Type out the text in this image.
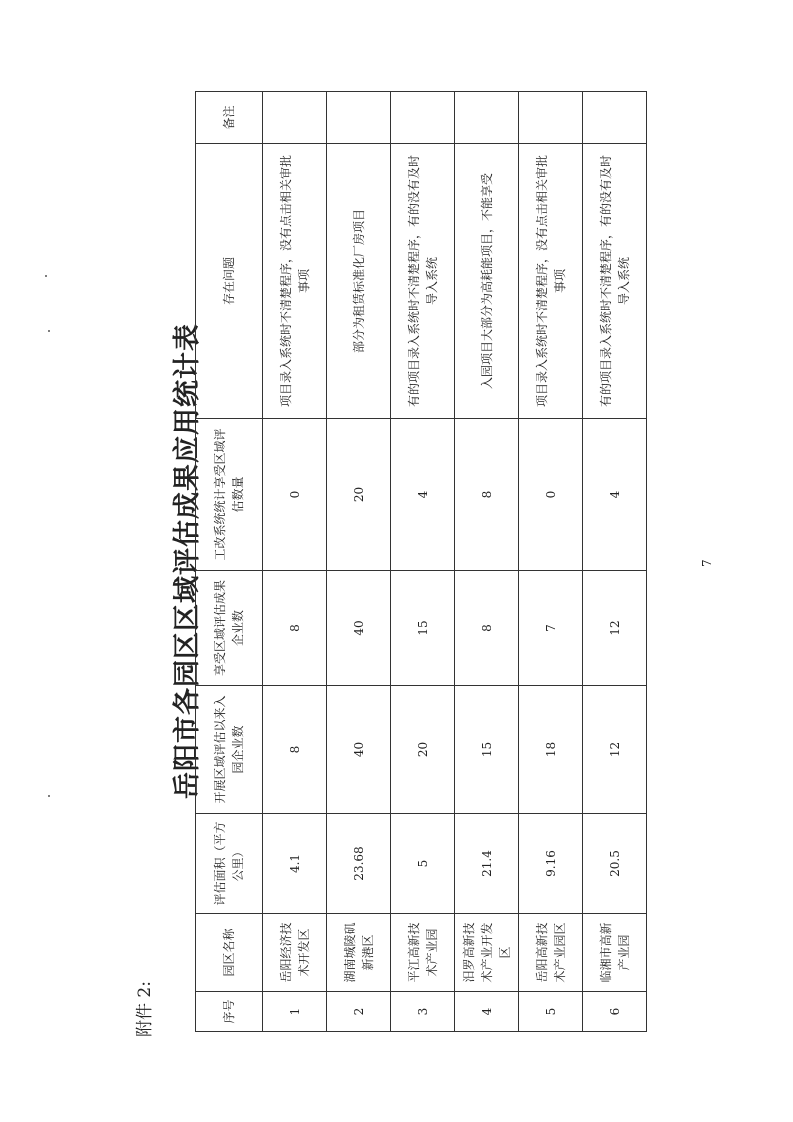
附件 2:
岳阳市各园区区域评估成果应用统计表
序号	园区名称	评估面积（平方公里）	开展区域评估以来入园企业数	享受区域评估成果企业数	工改系统统计享受区域评估数量	存在问题	备注
1	岳阳经济技术开发区	4.1	8	8	0	项目录入系统时不清楚程序，没有点击相关审批事项	
2	湖南城陵矶新港区	23.68	40	40	20	部分为租赁标准化厂房项目	
3	平江高新技术产业园	5	20	15	4	有的项目录入系统时不清楚程序，有的没有及时导入系统	
4	汨罗高新技术产业开发区	21.4	15	8	8	入园项目大部分为高耗能项目，不能享受	
5	岳阳高新技术产业园区	9.16	18	7	0	项目录入系统时不清楚程序，没有点击相关审批事项	
6	临湘市高新产业园	20.5	12	12	4	有的项目录入系统时不清楚程序，有的没有及时导入系统	
7
